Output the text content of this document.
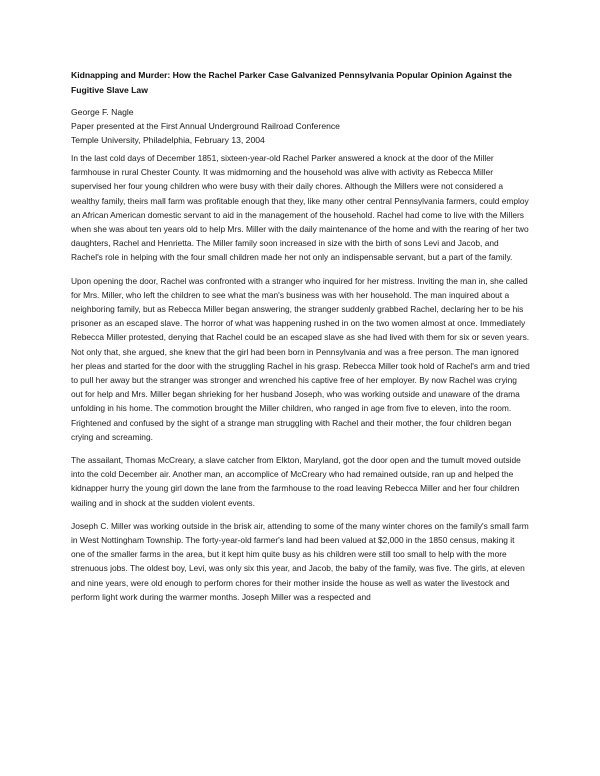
Kidnapping and Murder: How the Rachel Parker Case Galvanized Pennsylvania Popular Opinion Against the Fugitive Slave Law
George F. Nagle
Paper presented at the First Annual Underground Railroad Conference
Temple University, Philadelphia, February 13, 2004

In the last cold days of December 1851, sixteen-year-old Rachel Parker answered a knock at the door of the Miller farmhouse in rural Chester County. It was midmorning and the household was alive with activity as Rebecca Miller supervised her four young children who were busy with their daily chores. Although the Millers were not considered a wealthy family, theirs mall farm was profitable enough that they, like many other central Pennsylvania farmers, could employ an African American domestic servant to aid in the management of the household. Rachel had come to live with the Millers when she was about ten years old to help Mrs. Miller with the daily maintenance of the home and with the rearing of her two daughters, Rachel and Henrietta. The Miller family soon increased in size with the birth of sons Levi and Jacob, and Rachel's role in helping with the four small children made her not only an indispensable servant, but a part of the family.

Upon opening the door, Rachel was confronted with a stranger who inquired for her mistress. Inviting the man in, she called for Mrs. Miller, who left the children to see what the man's business was with her household. The man inquired about a neighboring family, but as Rebecca Miller began answering, the stranger suddenly grabbed Rachel, declaring her to be his prisoner as an escaped slave. The horror of what was happening rushed in on the two women almost at once. Immediately Rebecca Miller protested, denying that Rachel could be an escaped slave as she had lived with them for six or seven years. Not only that, she argued, she knew that the girl had been born in Pennsylvania and was a free person. The man ignored her pleas and started for the door with the struggling Rachel in his grasp. Rebecca Miller took hold of Rachel's arm and tried to pull her away but the stranger was stronger and wrenched his captive free of her employer. By now Rachel was crying out for help and Mrs. Miller began shrieking for her husband Joseph, who was working outside and unaware of the drama unfolding in his home. The commotion brought the Miller children, who ranged in age from five to eleven, into the room. Frightened and confused by the sight of a strange man struggling with Rachel and their mother, the four children began crying and screaming.

The assailant, Thomas McCreary, a slave catcher from Elkton, Maryland, got the door open and the tumult moved outside into the cold December air. Another man, an accomplice of McCreary who had remained outside, ran up and helped the kidnapper hurry the young girl down the lane from the farmhouse to the road leaving Rebecca Miller and her four children wailing and in shock at the sudden violent events.

Joseph C. Miller was working outside in the brisk air, attending to some of the many winter chores on the family's small farm in West Nottingham Township. The forty-year-old farmer's land had been valued at $2,000 in the 1850 census, making it one of the smaller farms in the area, but it kept him quite busy as his children were still too small to help with the more strenuous jobs. The oldest boy, Levi, was only six this year, and Jacob, the baby of the family, was five. The girls, at eleven and nine years, were old enough to perform chores for their mother inside the house as well as water the livestock and perform light work during the warmer months. Joseph Miller was a respected and
